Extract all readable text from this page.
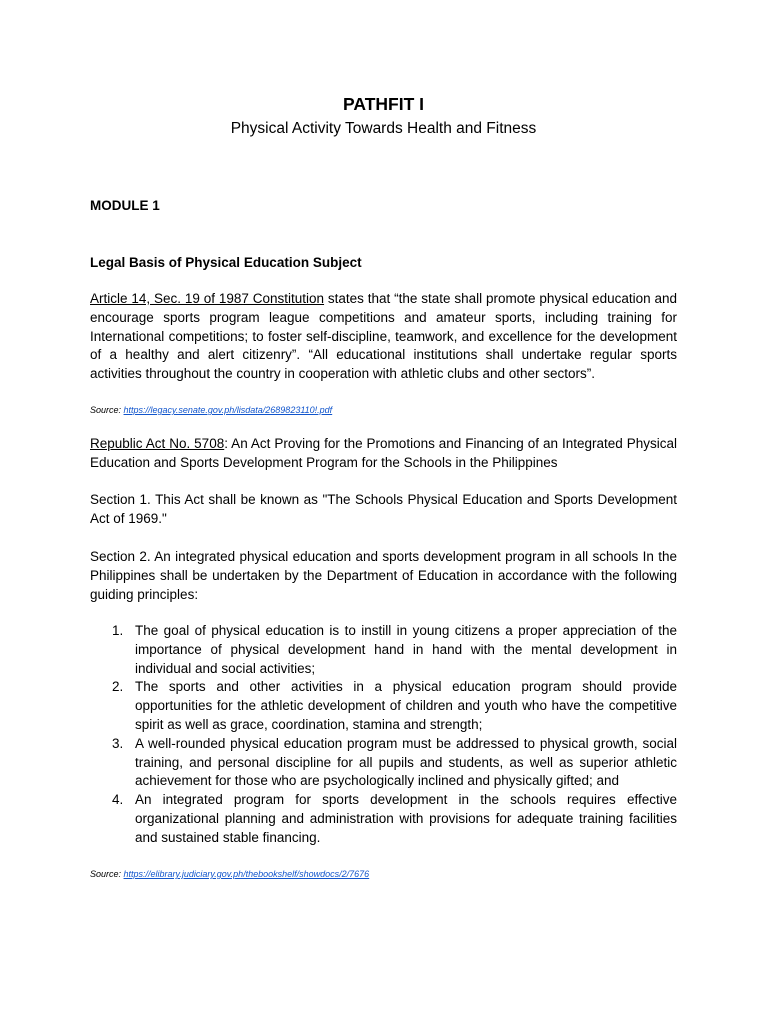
PATHFIT I
Physical Activity Towards Health and Fitness
MODULE 1
Legal Basis of Physical Education Subject

Article 14, Sec. 19 of 1987 Constitution states that “the state shall promote physical education and encourage sports program league competitions and amateur sports, including training for International competitions; to foster self-discipline, teamwork, and excellence for the development of a healthy and alert citizenry”. “All educational institutions shall undertake regular sports activities throughout the country in cooperation with athletic clubs and other sectors”.

Source: https://legacy.senate.gov.ph/lisdata/2689823110!.pdf

Republic Act No. 5708: An Act Proving for the Promotions and Financing of an Integrated Physical Education and Sports Development Program for the Schools in the Philippines

Section 1. This Act shall be known as "The Schools Physical Education and Sports Development Act of 1969."

Section 2. An integrated physical education and sports development program in all schools In the Philippines shall be undertaken by the Department of Education in accordance with the following guiding principles:

1. The goal of physical education is to instill in young citizens a proper appreciation of the importance of physical development hand in hand with the mental development in individual and social activities;
2. The sports and other activities in a physical education program should provide opportunities for the athletic development of children and youth who have the competitive spirit as well as grace, coordination, stamina and strength;
3. A well-rounded physical education program must be addressed to physical growth, social training, and personal discipline for all pupils and students, as well as superior athletic achievement for those who are psychologically inclined and physically gifted; and
4. An integrated program for sports development in the schools requires effective organizational planning and administration with provisions for adequate training facilities and sustained stable financing.
Source: https://elibrary.judiciary.gov.ph/thebookshelf/showdocs/2/7676
